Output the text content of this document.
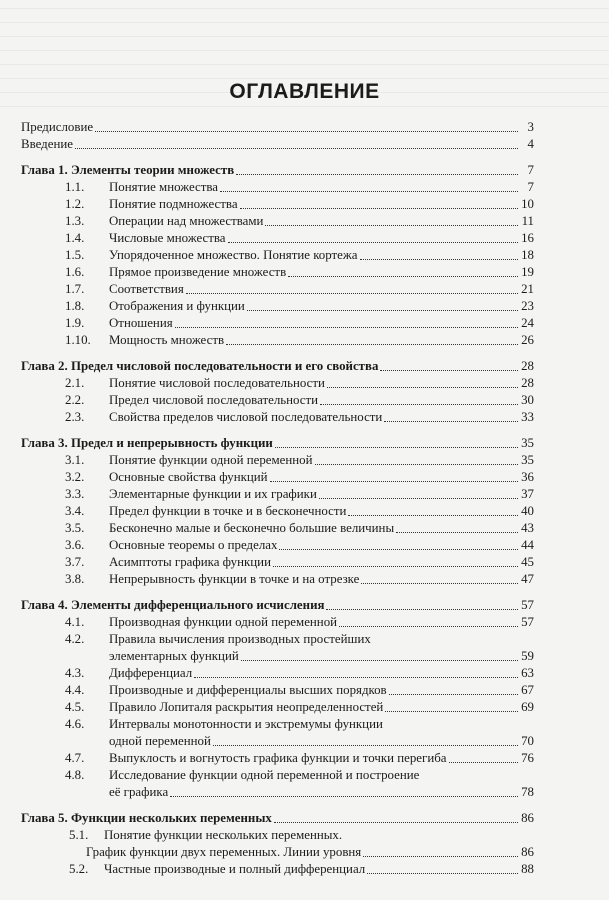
ОГЛАВЛЕНИЕ
Предисловие	3
Введение	4
Глава 1. Элементы теории множеств	7
1.1.	Понятие множества	7
1.2.	Понятие подмножества	10
1.3.	Операции над множествами	11
1.4.	Числовые множества	16
1.5.	Упорядоченное множество. Понятие кортежа	18
1.6.	Прямое произведение множеств	19
1.7.	Соответствия	21
1.8.	Отображения и функции	23
1.9.	Отношения	24
1.10.	Мощность множеств	26
Глава 2. Предел числовой последовательности и его свойства	28
2.1.	Понятие числовой последовательности	28
2.2.	Предел числовой последовательности	30
2.3.	Свойства пределов числовой последовательности	33
Глава 3. Предел и непрерывность функции	35
3.1.	Понятие функции одной переменной	35
3.2.	Основные свойства функций	36
3.3.	Элементарные функции и их графики	37
3.4.	Предел функции в точке и в бесконечности	40
3.5.	Бесконечно малые и бесконечно большие величины	43
3.6.	Основные теоремы о пределах	44
3.7.	Асимптоты графика функции	45
3.8.	Непрерывность функции в точке и на отрезке	47
Глава 4. Элементы дифференциального исчисления	57
4.1.	Производная функции одной переменной	57
4.2.	Правила вычисления производных простейших
элементарных функций	59
4.3.	Дифференциал	63
4.4.	Производные и дифференциалы высших порядков	67
4.5.	Правило Лопиталя раскрытия неопределенностей	69
4.6.	Интервалы монотонности и экстремумы функции
одной переменной	70
4.7.	Выпуклость и вогнутость графика функции и точки перегиба	76
4.8.	Исследование функции одной переменной и построение
её графика	78
Глава 5. Функции нескольких переменных	86
5.1.	Понятие функции нескольких переменных.
График функции двух переменных. Линии уровня	86
5.2.	Частные производные и полный дифференциал	88
